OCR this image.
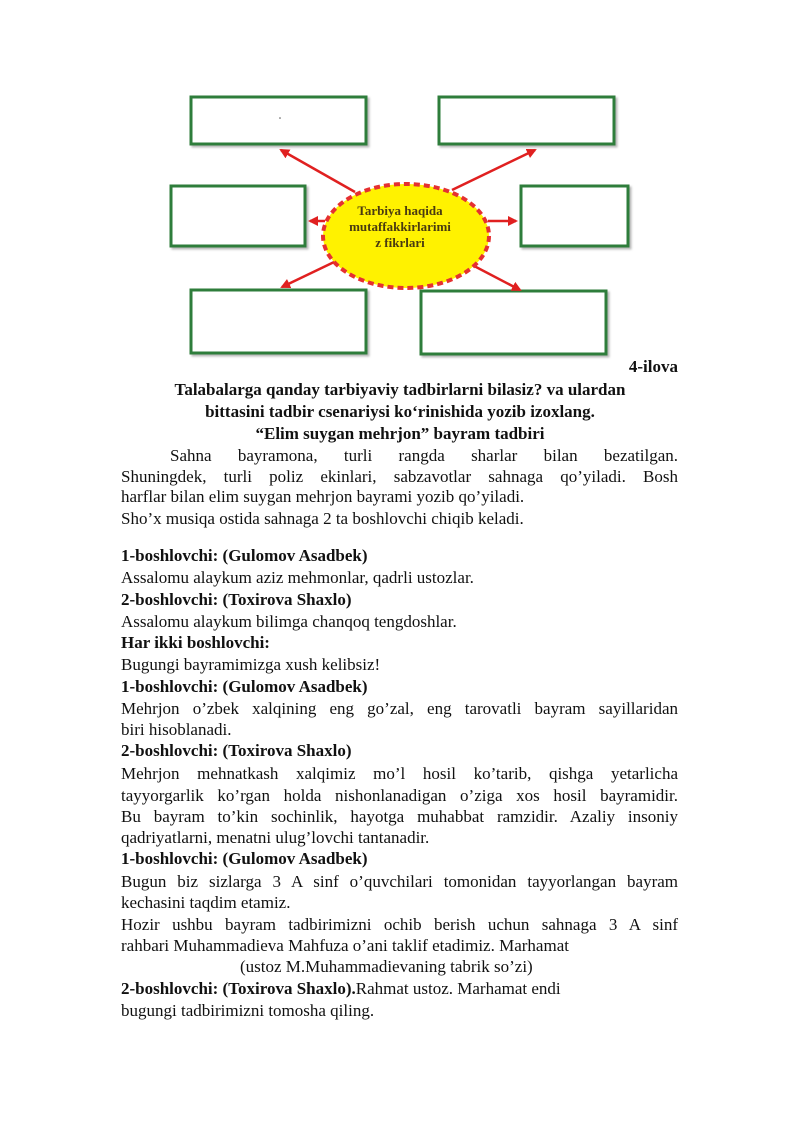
Tarbiya haqida
mutaffakkirlarimi
z fikrlari
4-ilova
Talabalarga qanday tarbiyaviy tadbirlarni bilasiz? va ulardan
bittasini tadbir csenariysi ko‘rinishida yozib izoxlang.
“Elim suygan mehrjon” bayram tadbiri
Sahna bayramona, turli rangda sharlar bilan bezatilgan.
Shuningdek, turli poliz ekinlari, sabzavotlar sahnaga qo’yiladi. Bosh
harflar bilan elim suygan mehrjon bayrami yozib qo’yiladi.
Sho’x musiqa ostida sahnaga 2 ta boshlovchi chiqib keladi.
1-boshlovchi: (Gulomov Asadbek)
Assalomu alaykum aziz mehmonlar, qadrli ustozlar.
2-boshlovchi: (Toxirova Shaxlo)
Assalomu alaykum bilimga chanqoq tengdoshlar.
Har ikki boshlovchi:
Bugungi bayramimizga xush kelibsiz!
1-boshlovchi: (Gulomov Asadbek)
Mehrjon o’zbek xalqining eng go’zal, eng tarovatli bayram sayillaridan
biri hisoblanadi.
2-boshlovchi: (Toxirova Shaxlo)
Mehrjon mehnatkash xalqimiz mo’l hosil ko’tarib, qishga yetarlicha
tayyorgarlik ko’rgan holda nishonlanadigan o’ziga xos hosil bayramidir.
Bu bayram to’kin sochinlik, hayotga muhabbat ramzidir. Azaliy insoniy
qadriyatlarni, menatni ulug’lovchi tantanadir.
1-boshlovchi: (Gulomov Asadbek)
Bugun biz sizlarga 3 A sinf o’quvchilari tomonidan tayyorlangan bayram
kechasini taqdim etamiz.
Hozir ushbu bayram tadbirimizni ochib berish uchun sahnaga 3 A sinf
rahbari Muhammadieva Mahfuza o’ani taklif etadimiz. Marhamat
(ustoz M.Muhammadievaning tabrik so’zi)
2-boshlovchi: (Toxirova Shaxlo).Rahmat ustoz. Marhamat endi
bugungi tadbirimizni tomosha qiling.
